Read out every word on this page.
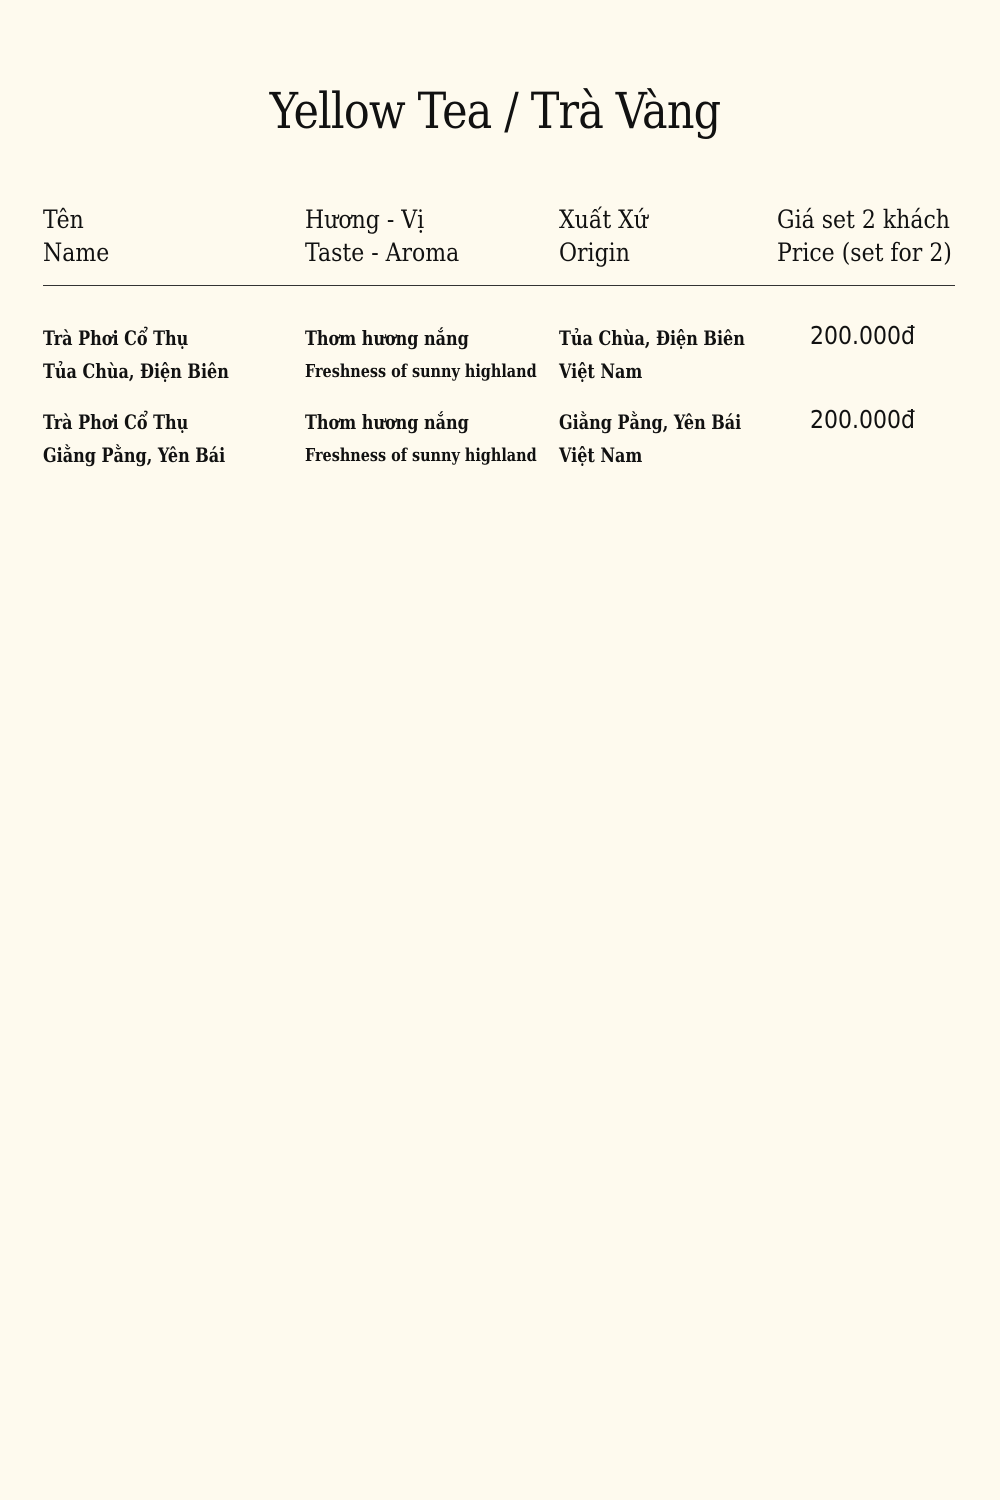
Yellow Tea / Trà Vàng
Tên
Name
Hương - Vị
Taste - Aroma
Xuất Xứ
Origin
Giá set 2 khách
Price (set for 2)
Trà Phơi Cổ Thụ
Tủa Chùa, Điện Biên
Thơm hương nắng
Freshness of sunny highland
Tủa Chùa, Điện Biên
Việt Nam
200.000đ
Trà Phơi Cổ Thụ
Giằng Pằng, Yên Bái
Thơm hương nắng
Freshness of sunny highland
Giằng Pằng, Yên Bái
Việt Nam
200.000đ
